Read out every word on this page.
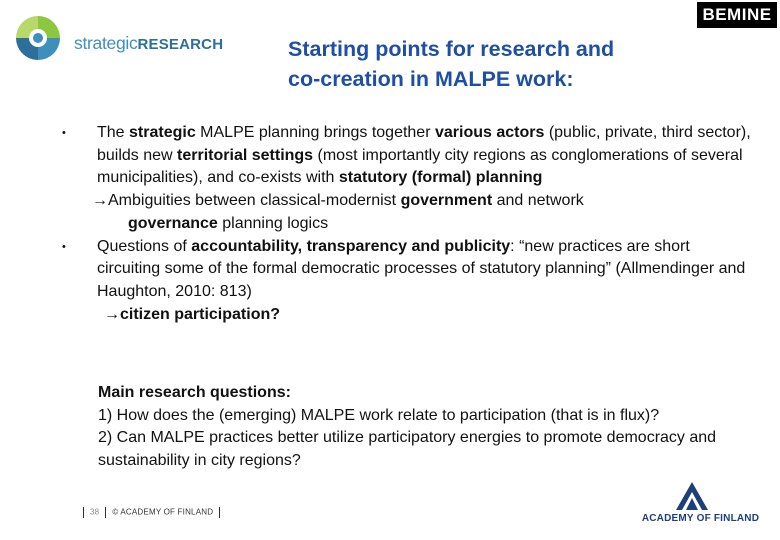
strategicRESEARCH
BEMINE
Starting points for research and
co-creation in MALPE work:
• The strategic MALPE planning brings together various actors (public, private, third sector), builds new territorial settings (most importantly city regions as conglomerations of several municipalities), and co-exists with statutory (formal) planning
→Ambiguities between classical-modernist government and network
governance planning logics
• Questions of accountability, transparency and publicity: “new practices are short circuiting some of the formal democratic processes of statutory planning” (Allmendinger and Haughton, 2010: 813)
→citizen participation?
Main research questions:
1) How does the (emerging) MALPE work relate to participation (that is in flux)?
2) Can MALPE practices better utilize participatory energies to promote democracy and sustainability in city regions?
38 © ACADEMY OF FINLAND
ACADEMY OF FINLAND
